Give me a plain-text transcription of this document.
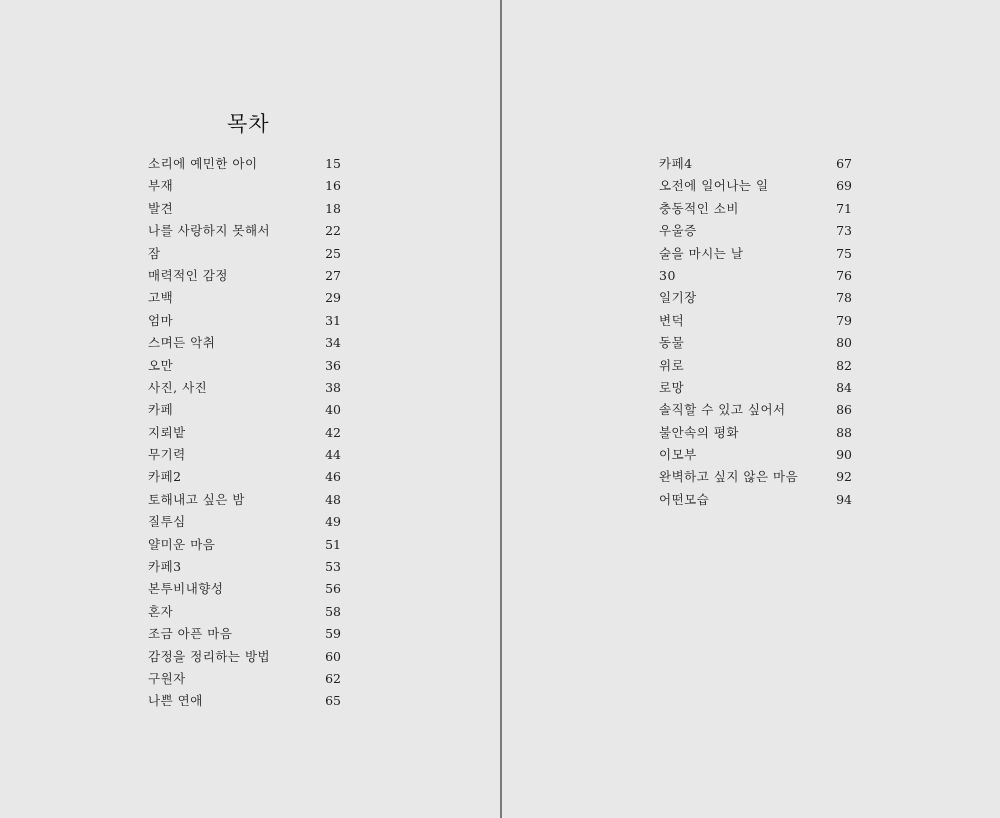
목차
소리에 예민한 아이	15
부재	16
발견	18
나를 사랑하지 못해서	22
잠	25
매력적인 감정	27
고백	29
엄마	31
스며든 악취	34
오만	36
사진, 사진	38
카페	40
지뢰밭	42
무기력	44
카페2	46
토해내고 싶은 밤	48
질투심	49
얄미운 마음	51
카페3	53
본투비내향성	56
혼자	58
조금 아픈 마음	59
감정을 정리하는 방법	60
구원자	62
나쁜 연애	65
카페4	67
오전에 일어나는 일	69
충동적인 소비	71
우울증	73
술을 마시는 날	75
30	76
일기장	78
변덕	79
동물	80
위로	82
로망	84
솔직할 수 있고 싶어서	86
불안속의 평화	88
이모부	90
완벽하고 싶지 않은 마음	92
어떤모습	94
